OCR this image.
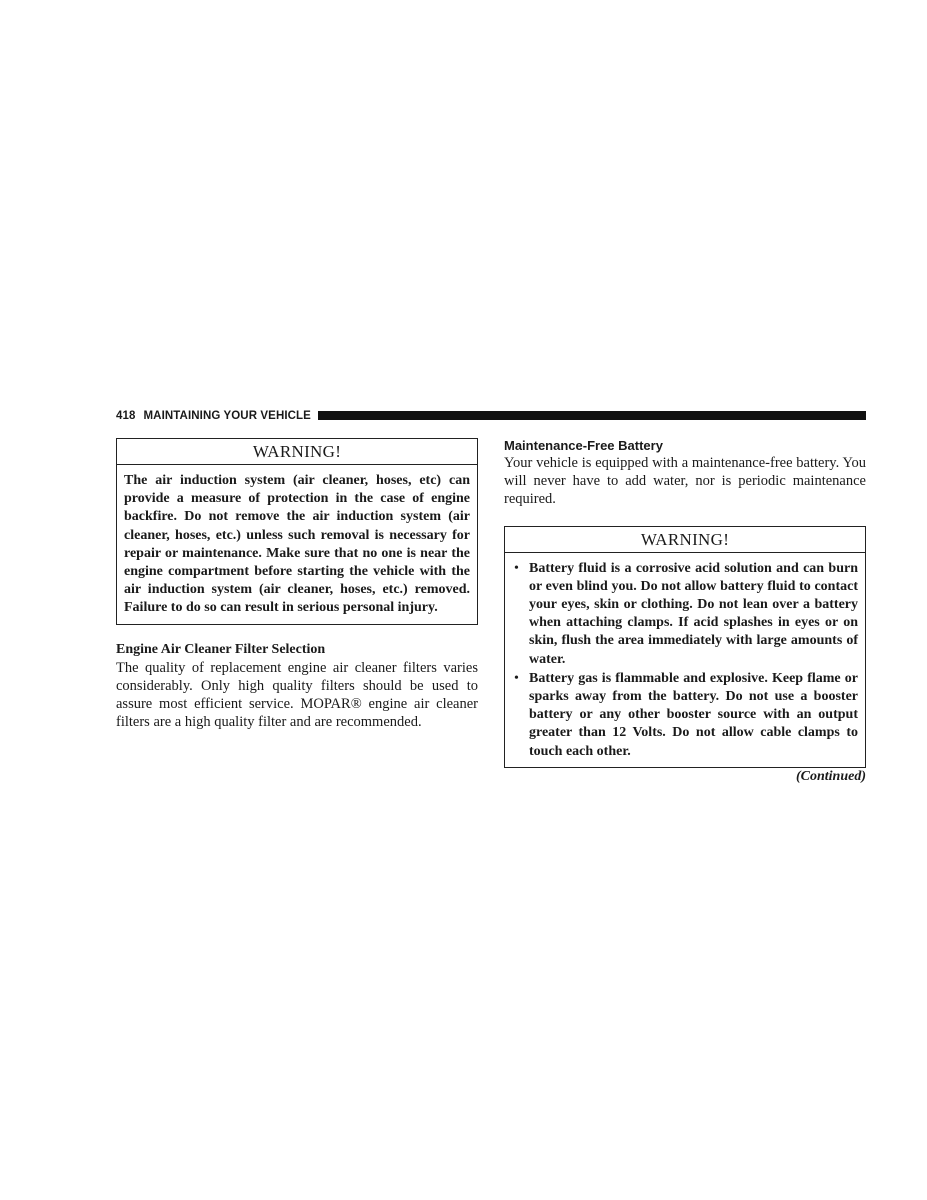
418 MAINTAINING YOUR VEHICLE
WARNING!
The air induction system (air cleaner, hoses, etc) can provide a measure of protection in the case of engine backfire. Do not remove the air induction system (air cleaner, hoses, etc.) unless such removal is necessary for repair or maintenance. Make sure that no one is near the engine compartment before starting the vehicle with the air induction system (air cleaner, hoses, etc.) removed. Failure to do so can result in serious personal injury.
Engine Air Cleaner Filter Selection

The quality of replacement engine air cleaner filters varies considerably. Only high quality filters should be used to assure most efficient service. MOPAR® engine air cleaner filters are a high quality filter and are recommended.

Maintenance-Free Battery

Your vehicle is equipped with a maintenance-free battery. You will never have to add water, nor is periodic maintenance required.

WARNING!
• Battery fluid is a corrosive acid solution and can burn or even blind you. Do not allow battery fluid to contact your eyes, skin or clothing. Do not lean over a battery when attaching clamps. If acid splashes in eyes or on skin, flush the area immediately with large amounts of water.
• Battery gas is flammable and explosive. Keep flame or sparks away from the battery. Do not use a booster battery or any other booster source with an output greater than 12 Volts. Do not allow cable clamps to touch each other.
(Continued)
